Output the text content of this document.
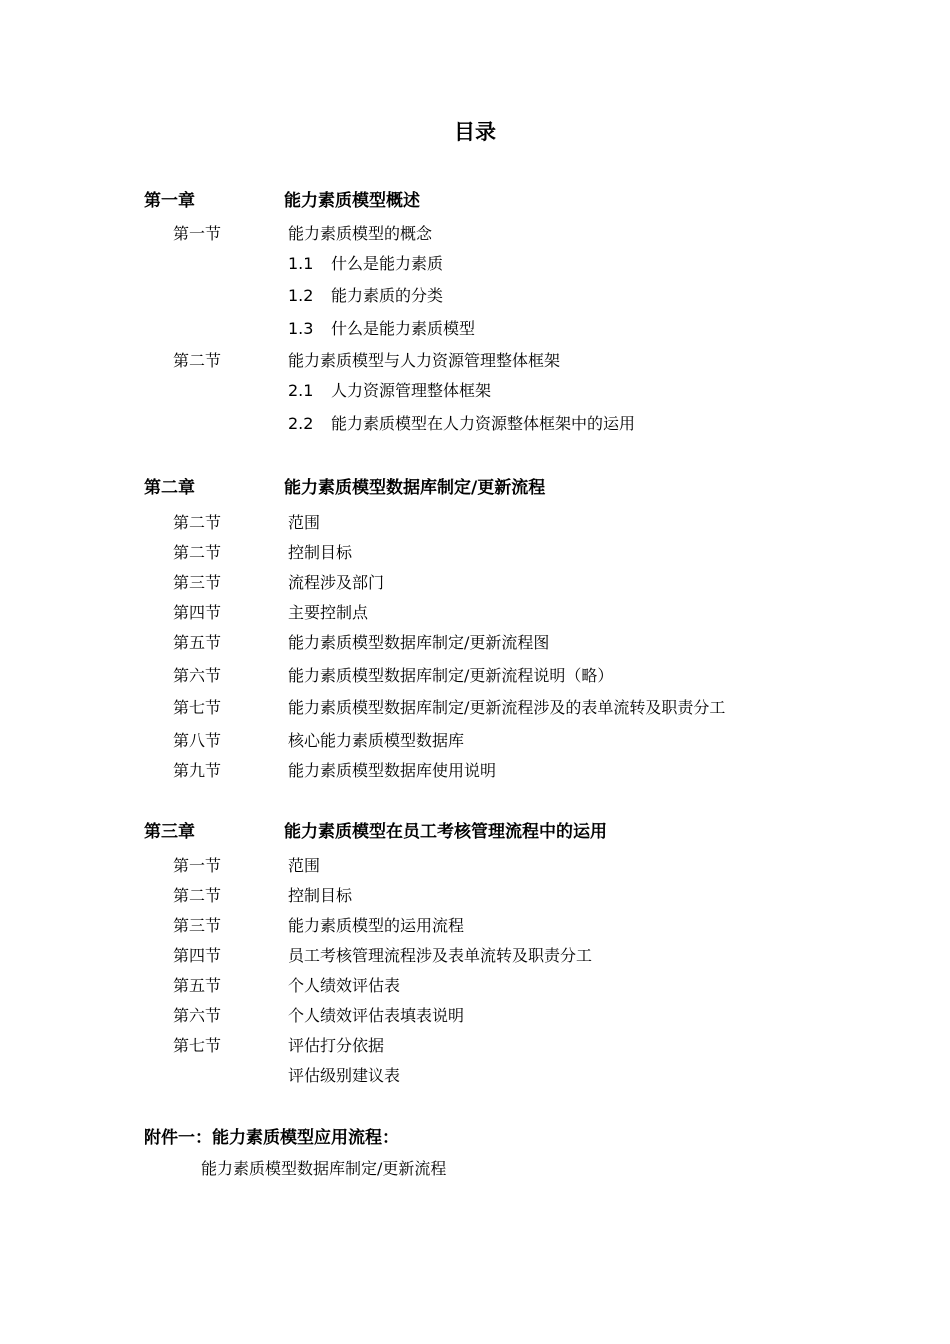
目录
第一章	能力素质模型概述
第一节	能力素质模型的概念
1.1 什么是能力素质
1.2 能力素质的分类
1.3 什么是能力素质模型
第二节	能力素质模型与人力资源管理整体框架
2.1 人力资源管理整体框架
2.2 能力素质模型在人力资源整体框架中的运用
第二章	能力素质模型数据库制定/更新流程
第二节	范围
第二节	控制目标
第三节	流程涉及部门
第四节	主要控制点
第五节	能力素质模型数据库制定/更新流程图
第六节	能力素质模型数据库制定/更新流程说明（略）
第七节	能力素质模型数据库制定/更新流程涉及的表单流转及职责分工
第八节	核心能力素质模型数据库
第九节	能力素质模型数据库使用说明
第三章	能力素质模型在员工考核管理流程中的运用
第一节	范围
第二节	控制目标
第三节	能力素质模型的运用流程
第四节	员工考核管理流程涉及表单流转及职责分工
第五节	个人绩效评估表
第六节	个人绩效评估表填表说明
第七节	评估打分依据
评估级别建议表
附件一：能力素质模型应用流程：
能力素质模型数据库制定/更新流程
